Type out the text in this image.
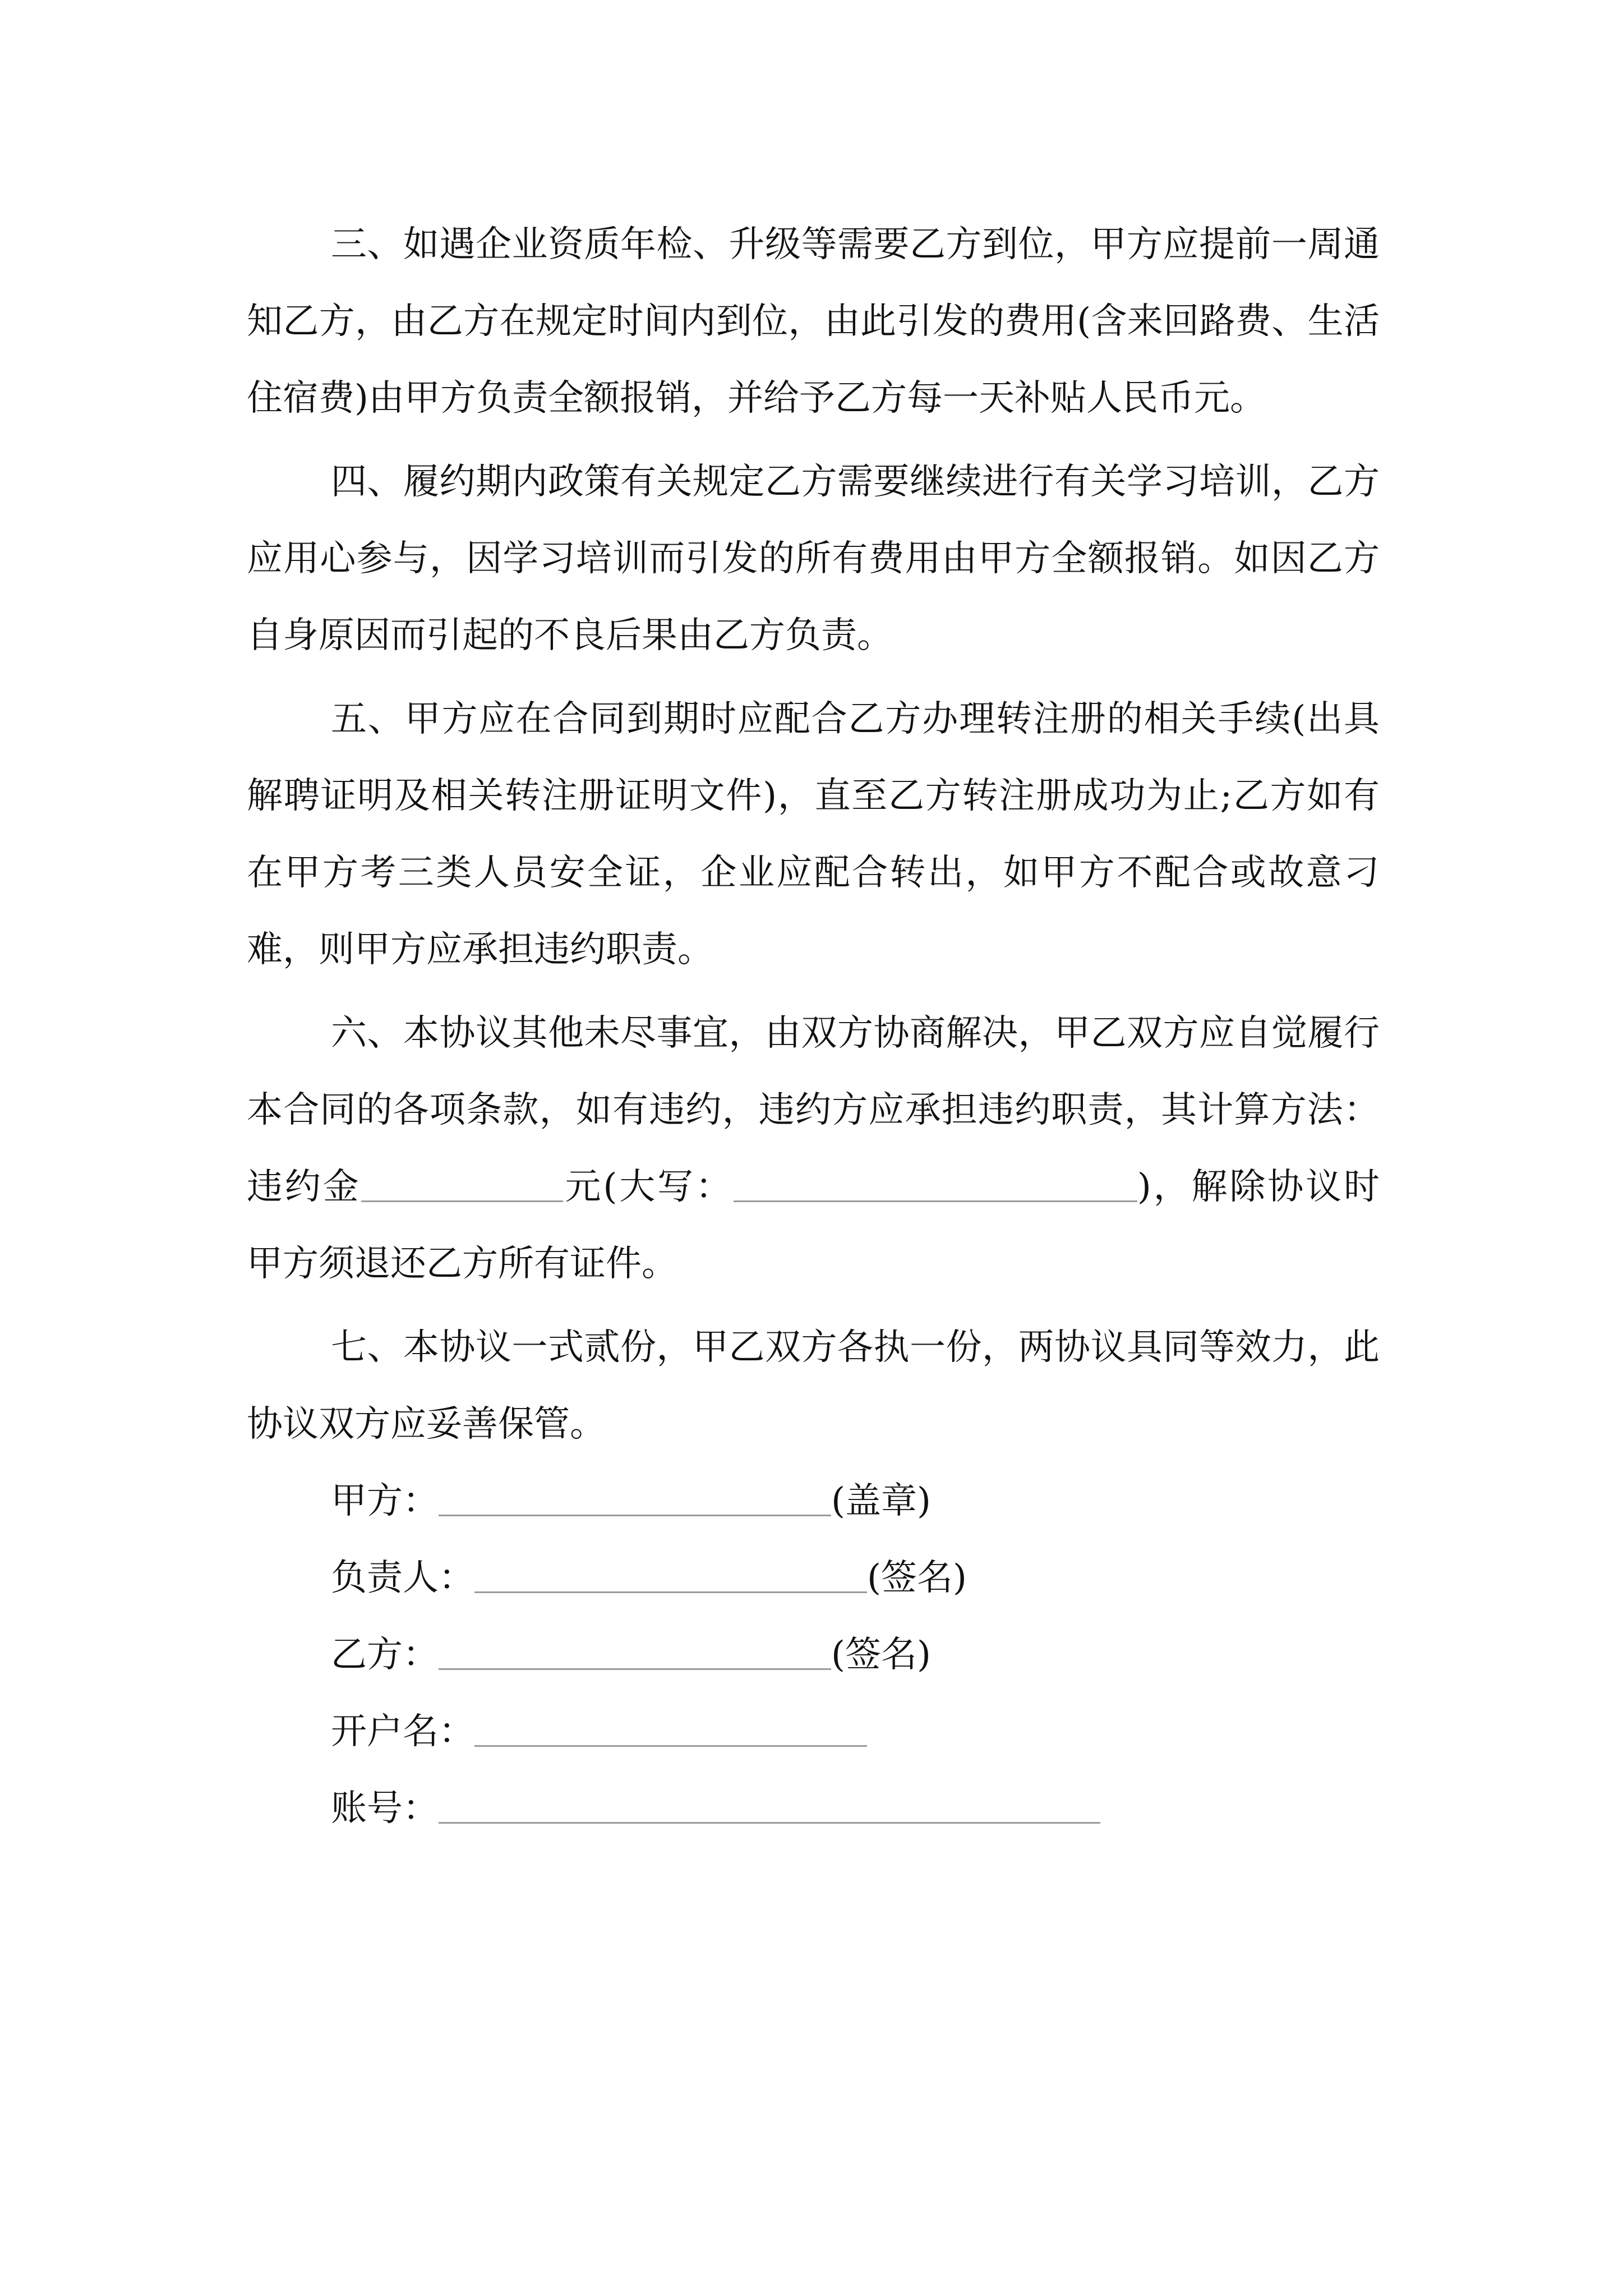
三、如遇企业资质年检、升级等需要乙方到位，甲方应提前一周通知乙方，由乙方在规定时间内到位，由此引发的费用(含来回路费、生活住宿费)由甲方负责全额报销，并给予乙方每一天补贴人民币元。

四、履约期内政策有关规定乙方需要继续进行有关学习培训，乙方应用心参与，因学习培训而引发的所有费用由甲方全额报销。如因乙方自身原因而引起的不良后果由乙方负责。

五、甲方应在合同到期时应配合乙方办理转注册的相关手续(出具解聘证明及相关转注册证明文件)，直至乙方转注册成功为止;乙方如有在甲方考三类人员安全证，企业应配合转出，如甲方不配合或故意刁难，则甲方应承担违约职责。

六、本协议其他未尽事宜，由双方协商解决，甲乙双方应自觉履行本合同的各项条款，如有违约，违约方应承担违约职责，其计算方法：违约金	元(大写：	)，解除协议时甲方须退还乙方所有证件。

七、本协议一式贰份，甲乙双方各执一份，两协议具同等效力，此协议双方应妥善保管。

甲方：	(盖章)
负责人：	(签名)
乙方：	(签名)
开户名：
账号：
